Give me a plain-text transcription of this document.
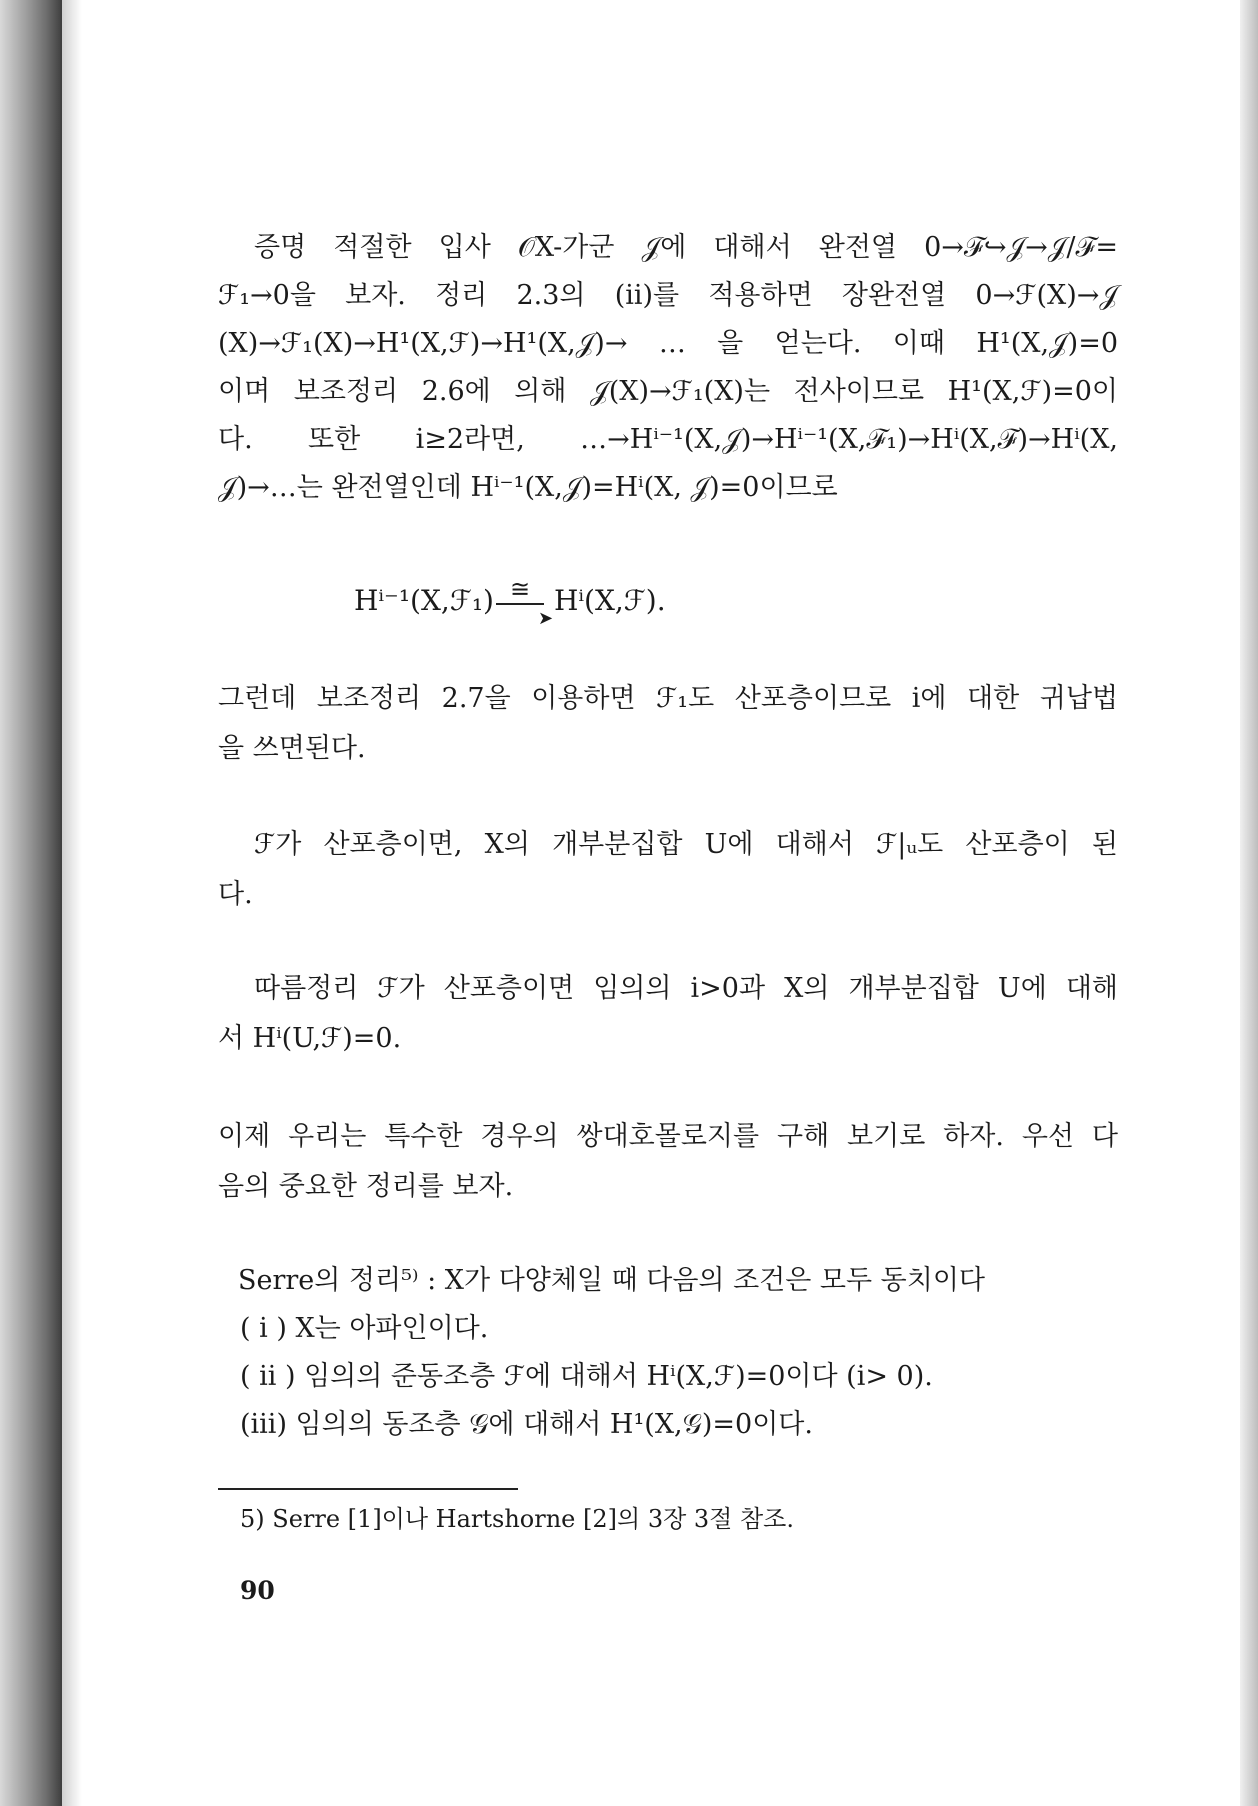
증명 적절한 입사 𝒪X-가군 𝒥에 대해서 완전열 0→ℱ↪𝒥→𝒥/ℱ=
ℱ₁→0을 보자. 정리 2.3의 (ii)를 적용하면 장완전열 0→ℱ(X)→𝒥
(X)→ℱ₁(X)→H¹(X,ℱ)→H¹(X,𝒥)→ … 을 얻는다. 이때 H¹(X,𝒥)=0
이며 보조정리 2.6에 의해 𝒥(X)→ℱ₁(X)는 전사이므로 H¹(X,ℱ)=0이
다. 또한 i≥2라면, …→Hⁱ⁻¹(X,𝒥)→Hⁱ⁻¹(X,ℱ₁)→Hⁱ(X,ℱ)→Hⁱ(X,
𝒥)→…는 완전열인데 Hⁱ⁻¹(X,𝒥)=Hⁱ(X, 𝒥)=0이므로
Hⁱ⁻¹(X,ℱ₁) ≅
➤
Hⁱ(X,ℱ).
그런데 보조정리 2.7을 이용하면 ℱ₁도 산포층이므로 i에 대한 귀납법
을 쓰면된다.
ℱ가 산포층이면, X의 개부분집합 U에 대해서 ℱ|ᵤ도 산포층이 된
다.
따름정리 ℱ가 산포층이면 임의의 i>0과 X의 개부분집합 U에 대해
서 Hⁱ(U,ℱ)=0.
이제 우리는 특수한 경우의 쌍대호몰로지를 구해 보기로 하자. 우선 다
음의 중요한 정리를 보자.
Serre의 정리⁵⁾ : X가 다양체일 때 다음의 조건은 모두 동치이다
( i ) X는 아파인이다.
( ii ) 임의의 준동조층 ℱ에 대해서 Hⁱ(X,ℱ)=0이다 (i> 0).
(iii) 임의의 동조층 𝒢에 대해서 H¹(X,𝒢)=0이다.
5) Serre [1]이나 Hartshorne [2]의 3장 3절 참조.
90
